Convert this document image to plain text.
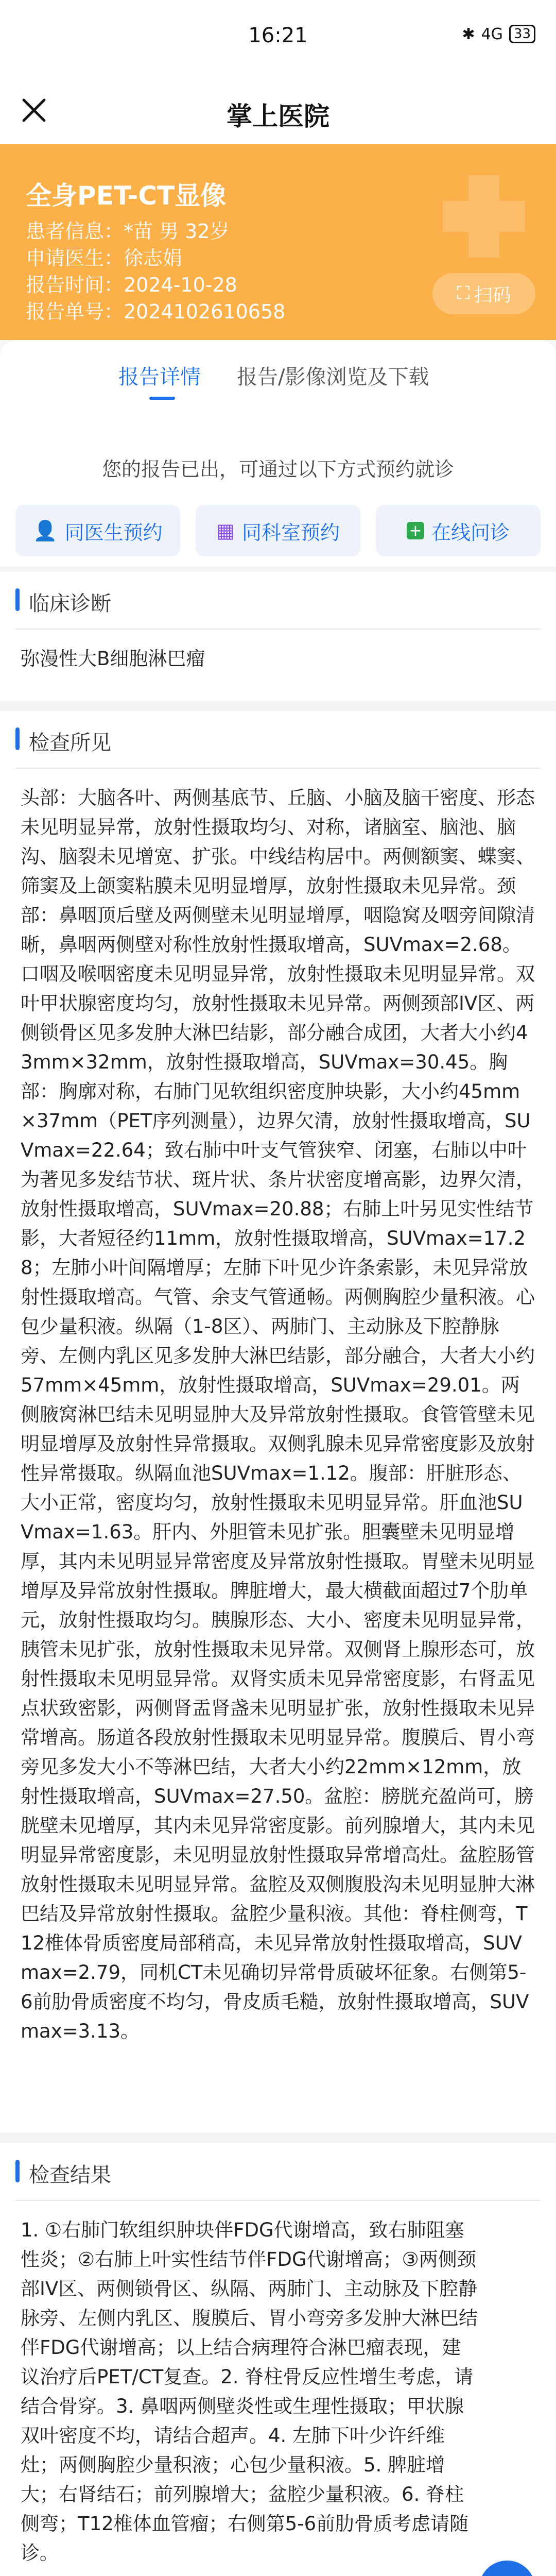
16:21	✱ 4G 33
掌上医院
全身PET-CT显像
患者信息：*苗 男 32岁
申请医生：徐志娟
报告时间：2024-10-28
报告单号：2024102610658
⛶ 扫码
报告详情 报告/影像浏览及下载
您的报告已出，可通过以下方式预约就诊
👤 同医生预约	▦ 同科室预约	+ 在线问诊
临床诊断
弥漫性大B细胞淋巴瘤
检查所见
头部：大脑各叶、两侧基底节、丘脑、小脑及脑干密度、形态未见明显异常，放射性摄取均匀、对称，诸脑室、脑池、脑沟、脑裂未见增宽、扩张。中线结构居中。两侧额窦、蝶窦、筛窦及上颌窦粘膜未见明显增厚，放射性摄取未见异常。颈部：鼻咽顶后壁及两侧壁未见明显增厚，咽隐窝及咽旁间隙清晰，鼻咽两侧壁对称性放射性摄取增高，SUVmax=2.68。口咽及喉咽密度未见明显异常，放射性摄取未见明显异常。双叶甲状腺密度均匀，放射性摄取未见异常。两侧颈部IV区、两侧锁骨区见多发肿大淋巴结影，部分融合成团，大者大小约43mm×32mm，放射性摄取增高，SUVmax=30.45。胸部：胸廓对称，右肺门见软组织密度肿块影，大小约45mm×37mm（PET序列测量），边界欠清，放射性摄取增高，SUVmax=22.64；致右肺中叶支气管狭窄、闭塞，右肺以中叶为著见多发结节状、斑片状、条片状密度增高影，边界欠清，放射性摄取增高，SUVmax=20.88；右肺上叶另见实性结节影，大者短径约11mm，放射性摄取增高，SUVmax=17.28；左肺小叶间隔增厚；左肺下叶见少许条索影，未见异常放射性摄取增高。气管、余支气管通畅。两侧胸腔少量积液。心包少量积液。纵隔（1-8区）、两肺门、主动脉及下腔静脉旁、左侧内乳区见多发肿大淋巴结影，部分融合，大者大小约57mm×45mm，放射性摄取增高，SUVmax=29.01。两侧腋窝淋巴结未见明显肿大及异常放射性摄取。食管管壁未见明显增厚及放射性异常摄取。双侧乳腺未见异常密度影及放射性异常摄取。纵隔血池SUVmax=1.12。腹部：肝脏形态、大小正常，密度均匀，放射性摄取未见明显异常。肝血池SUVmax=1.63。肝内、外胆管未见扩张。胆囊壁未见明显增厚，其内未见明显异常密度及异常放射性摄取。胃壁未见明显增厚及异常放射性摄取。脾脏增大，最大横截面超过7个肋单元，放射性摄取均匀。胰腺形态、大小、密度未见明显异常，胰管未见扩张，放射性摄取未见异常。双侧肾上腺形态可，放射性摄取未见明显异常。双肾实质未见异常密度影，右肾盂见点状致密影，两侧肾盂肾盏未见明显扩张，放射性摄取未见异常增高。肠道各段放射性摄取未见明显异常。腹膜后、胃小弯旁见多发大小不等淋巴结，大者大小约22mm×12mm，放射性摄取增高，SUVmax=27.50。盆腔：膀胱充盈尚可，膀胱壁未见增厚，其内未见异常密度影。前列腺增大，其内未见明显异常密度影，未见明显放射性摄取异常增高灶。盆腔肠管放射性摄取未见明显异常。盆腔及双侧腹股沟未见明显肿大淋巴结及异常放射性摄取。盆腔少量积液。其他：脊柱侧弯，T12椎体骨质密度局部稍高，未见异常放射性摄取增高，SUVmax=2.79，同机CT未见确切异常骨质破坏征象。右侧第5-6前肋骨质密度不均匀，骨皮质毛糙，放射性摄取增高，SUVmax=3.13。
检查结果
1. ①右肺门软组织肿块伴FDG代谢增高，致右肺阻塞性炎；②右肺上叶实性结节伴FDG代谢增高；③两侧颈部IV区、两侧锁骨区、纵隔、两肺门、主动脉及下腔静脉旁、左侧内乳区、腹膜后、胃小弯旁多发肿大淋巴结伴FDG代谢增高；以上结合病理符合淋巴瘤表现，建议治疗后PET/CT复查。2. 脊柱骨反应性增生考虑，请结合骨穿。3. 鼻咽两侧壁炎性或生理性摄取；甲状腺双叶密度不均，请结合超声。4. 左肺下叶少许纤维灶；两侧胸腔少量积液；心包少量积液。5. 脾脏增大；右肾结石；前列腺增大；盆腔少量积液。6. 脊柱侧弯；T12椎体血管瘤；右侧第5-6前肋骨质考虑请随诊。
